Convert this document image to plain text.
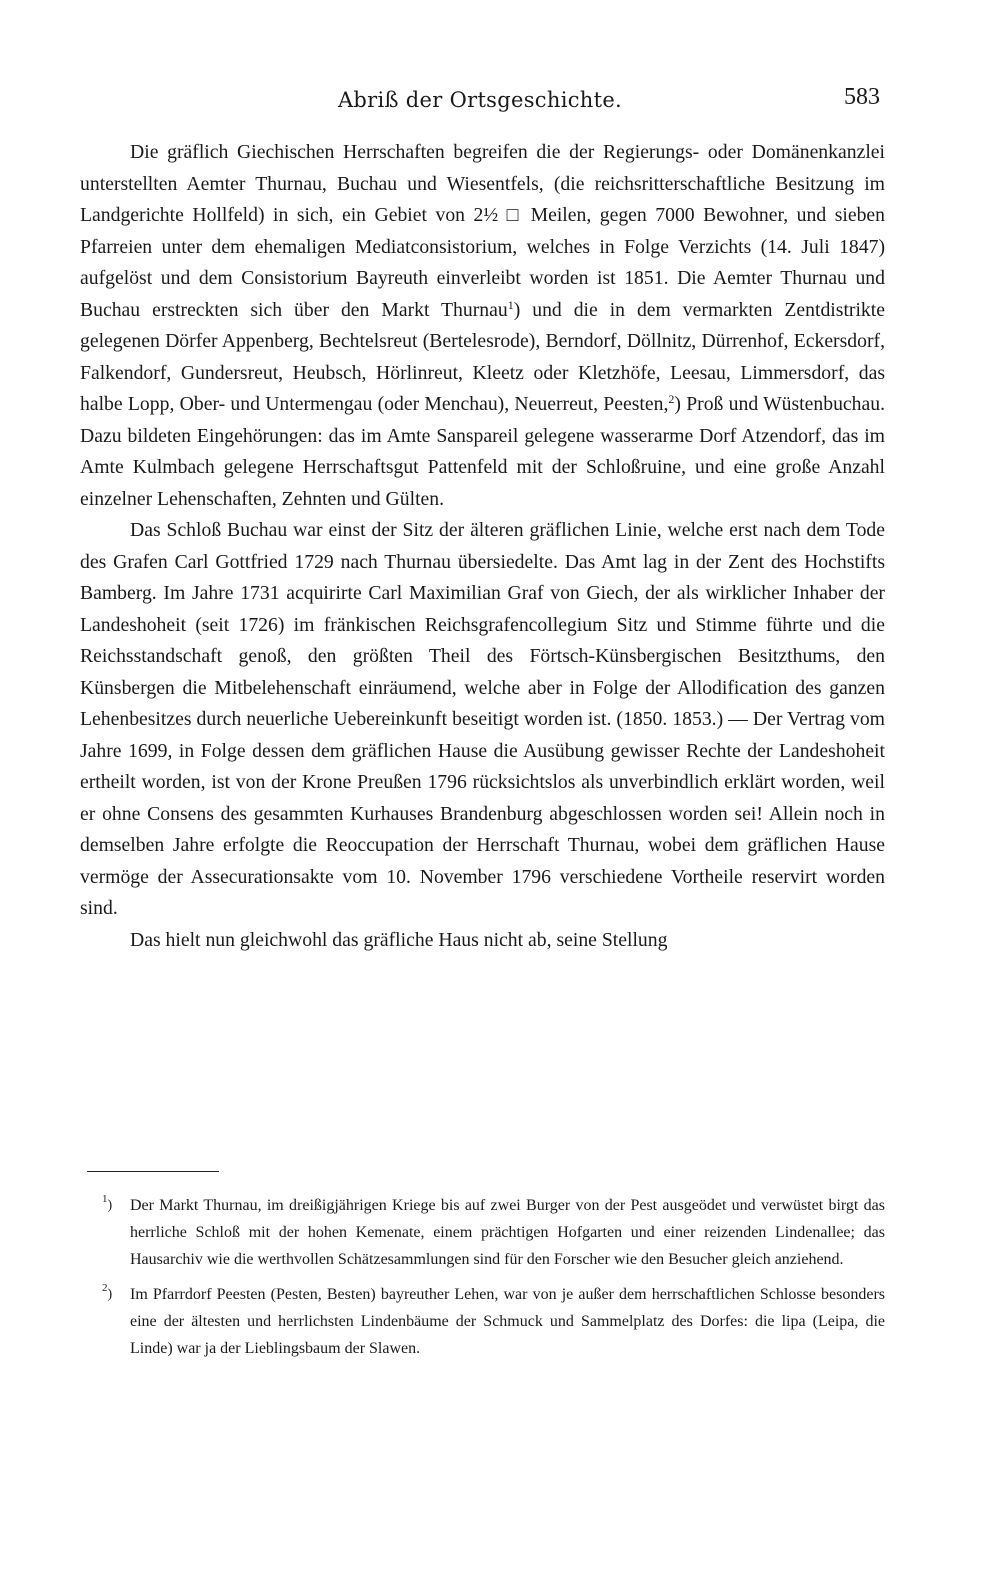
Abriß der Ortsgeschichte.	583

Die gräflich Giechischen Herrschaften begreifen die der Regierungs- oder Domänenkanzlei unterstellten Aemter Thurnau, Buchau und Wiesentfels, (die reichsritterschaftliche Besitzung im Landgerichte Hollfeld) in sich, ein Gebiet von 2½ □ Meilen, gegen 7000 Bewohner, und sieben Pfarreien unter dem ehemaligen Mediatconsistorium, welches in Folge Verzichts (14. Juli 1847) aufgelöst und dem Consistorium Bayreuth einverleibt worden ist 1851. Die Aemter Thurnau und Buchau erstreckten sich über den Markt Thurnau$^1$) und die in dem vermarkten Zentdistrikte gelegenen Dörfer Appenberg, Bechtelsreut (Bertelesrode), Berndorf, Döllnitz, Dürrenhof, Eckersdorf, Falkendorf, Gundersreut, Heubsch, Hörlinreut, Kleetz oder Kletzhöfe, Leesau, Limmersdorf, das halbe Lopp, Ober- und Untermengau (oder Menchau), Neuerreut, Peesten,$^2$) Proß und Wüstenbuchau. Dazu bildeten Eingehörungen: das im Amte Sanspareil gelegene wasserarme Dorf Atzendorf, das im Amte Kulmbach gelegene Herrschaftsgut Pattenfeld mit der Schloßruine, und eine große Anzahl einzelner Lehenschaften, Zehnten und Gülten.

Das Schloß Buchau war einst der Sitz der älteren gräflichen Linie, welche erst nach dem Tode des Grafen Carl Gottfried 1729 nach Thurnau übersiedelte. Das Amt lag in der Zent des Hochstifts Bamberg. Im Jahre 1731 acquirirte Carl Maximilian Graf von Giech, der als wirklicher Inhaber der Landeshoheit (seit 1726) im fränkischen Reichsgrafencollegium Sitz und Stimme führte und die Reichsstandschaft genoß, den größten Theil des Förtsch-Künsbergischen Besitzthums, den Künsbergen die Mitbelehenschaft einräumend, welche aber in Folge der Allodification des ganzen Lehenbesitzes durch neuerliche Uebereinkunft beseitigt worden ist. (1850. 1853.) — Der Vertrag vom Jahre 1699, in Folge dessen dem gräflichen Hause die Ausübung gewisser Rechte der Landeshoheit ertheilt worden, ist von der Krone Preußen 1796 rücksichtslos als unverbindlich erklärt worden, weil er ohne Consens des gesammten Kurhauses Brandenburg abgeschlossen worden sei! Allein noch in demselben Jahre erfolgte die Reoccupation der Herrschaft Thurnau, wobei dem gräflichen Hause vermöge der Assecurationsakte vom 10. November 1796 verschiedene Vortheile reservirt worden sind.

Das hielt nun gleichwohl das gräfliche Haus nicht ab, seine Stellung

$^1$) Der Markt Thurnau, im dreißigjährigen Kriege bis auf zwei Burger von der Pest ausgeödet und verwüstet birgt das herrliche Schloß mit der hohen Kemenate, einem prächtigen Hofgarten und einer reizenden Lindenallee; das Hausarchiv wie die werthvollen Schätzesammlungen sind für den Forscher wie den Besucher gleich anziehend.
$^2$) Im Pfarrdorf Peesten (Pesten, Besten) bayreuther Lehen, war von je außer dem herrschaftlichen Schlosse besonders eine der ältesten und herrlichsten Lindenbäume der Schmuck und Sammelplatz des Dorfes: die lipa (Leipa, die Linde) war ja der Lieblingsbaum der Slawen.
